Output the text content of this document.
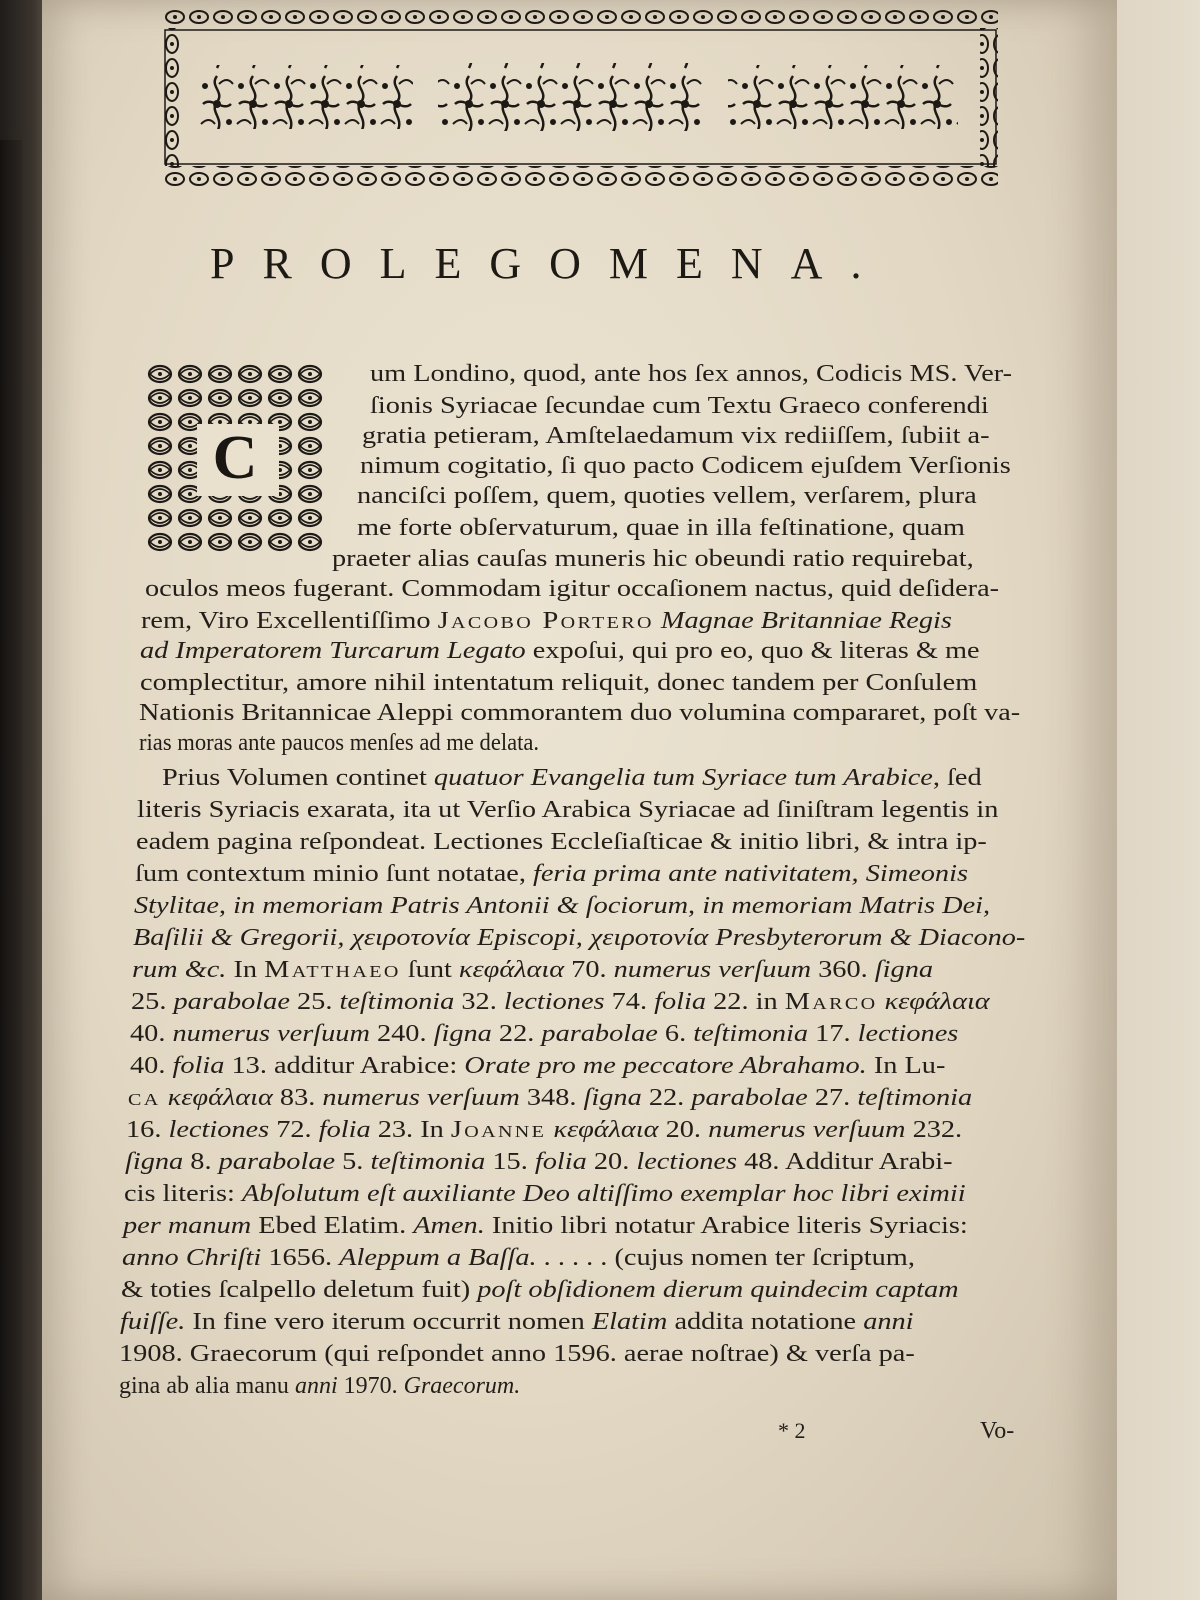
PROLEGOMENA.
C
um Londino, quod, ante hos ſex annos, Codicis MS. Ver-
ſionis Syriacae ſecundae cum Textu Graeco conferendi
gratia petieram, Amſtelaedamum vix rediiſſem, ſubiit a-
nimum cogitatio, ſi quo pacto Codicem ejuſdem Verſionis
nanciſci poſſem, quem, quoties vellem, verſarem, plura
me forte obſervaturum, quae in illa feſtinatione, quam
praeter alias cauſas muneris hic obeundi ratio requirebat,
oculos meos fugerant. Commodam igitur occaſionem nactus, quid deſidera-
rem, Viro Excellentiſſimo Jacobo Portero Magnae Britanniae Regis
ad Imperatorem Turcarum Legato expoſui, qui pro eo, quo & literas & me
complectitur, amore nihil intentatum reliquit, donec tandem per Conſulem
Nationis Britannicae Aleppi commorantem duo volumina compararet, poſt va-
rias moras ante paucos menſes ad me delata.
Prius Volumen continet quatuor Evangelia tum Syriace tum Arabice, ſed
literis Syriacis exarata, ita ut Verſio Arabica Syriacae ad ſiniſtram legentis in
eadem pagina reſpondeat. Lectiones Eccleſiaſticae & initio libri, & intra ip-
ſum contextum minio ſunt notatae, feria prima ante nativitatem, Simeonis
Stylitae, in memoriam Patris Antonii & ſociorum, in memoriam Matris Dei,
Baſilii & Gregorii, χειροτονία Episcopi, χειροτονία Presbyterorum & Diacono-
rum &c. In Matthaeo ſunt κεφάλαια 70. numerus verſuum 360. ſigna
25. parabolae 25. teſtimonia 32. lectiones 74. folia 22. in Marco κεφάλαια
40. numerus verſuum 240. ſigna 22. parabolae 6. teſtimonia 17. lectiones
40. folia 13. additur Arabice: Orate pro me peccatore Abrahamo. In Lu-
ca κεφάλαια 83. numerus verſuum 348. ſigna 22. parabolae 27. teſtimonia
16. lectiones 72. folia 23. In Joanne κεφάλαια 20. numerus verſuum 232.
ſigna 8. parabolae 5. teſtimonia 15. folia 20. lectiones 48. Additur Arabi-
cis literis: Abſolutum eſt auxiliante Deo altiſſimo exemplar hoc libri eximii
per manum Ebed Elatim. Amen. Initio libri notatur Arabice literis Syriacis:
anno Chriſti 1656. Aleppum a Baſſa. . . . . . (cujus nomen ter ſcriptum,
& toties ſcalpello deletum fuit) poſt obſidionem dierum quindecim captam
fuiſſe. In fine vero iterum occurrit nomen Elatim addita notatione anni
1908. Graecorum (qui reſpondet anno 1596. aerae noſtrae) & verſa pa-
gina ab alia manu anni 1970. Graecorum.
* 2	Vo-
